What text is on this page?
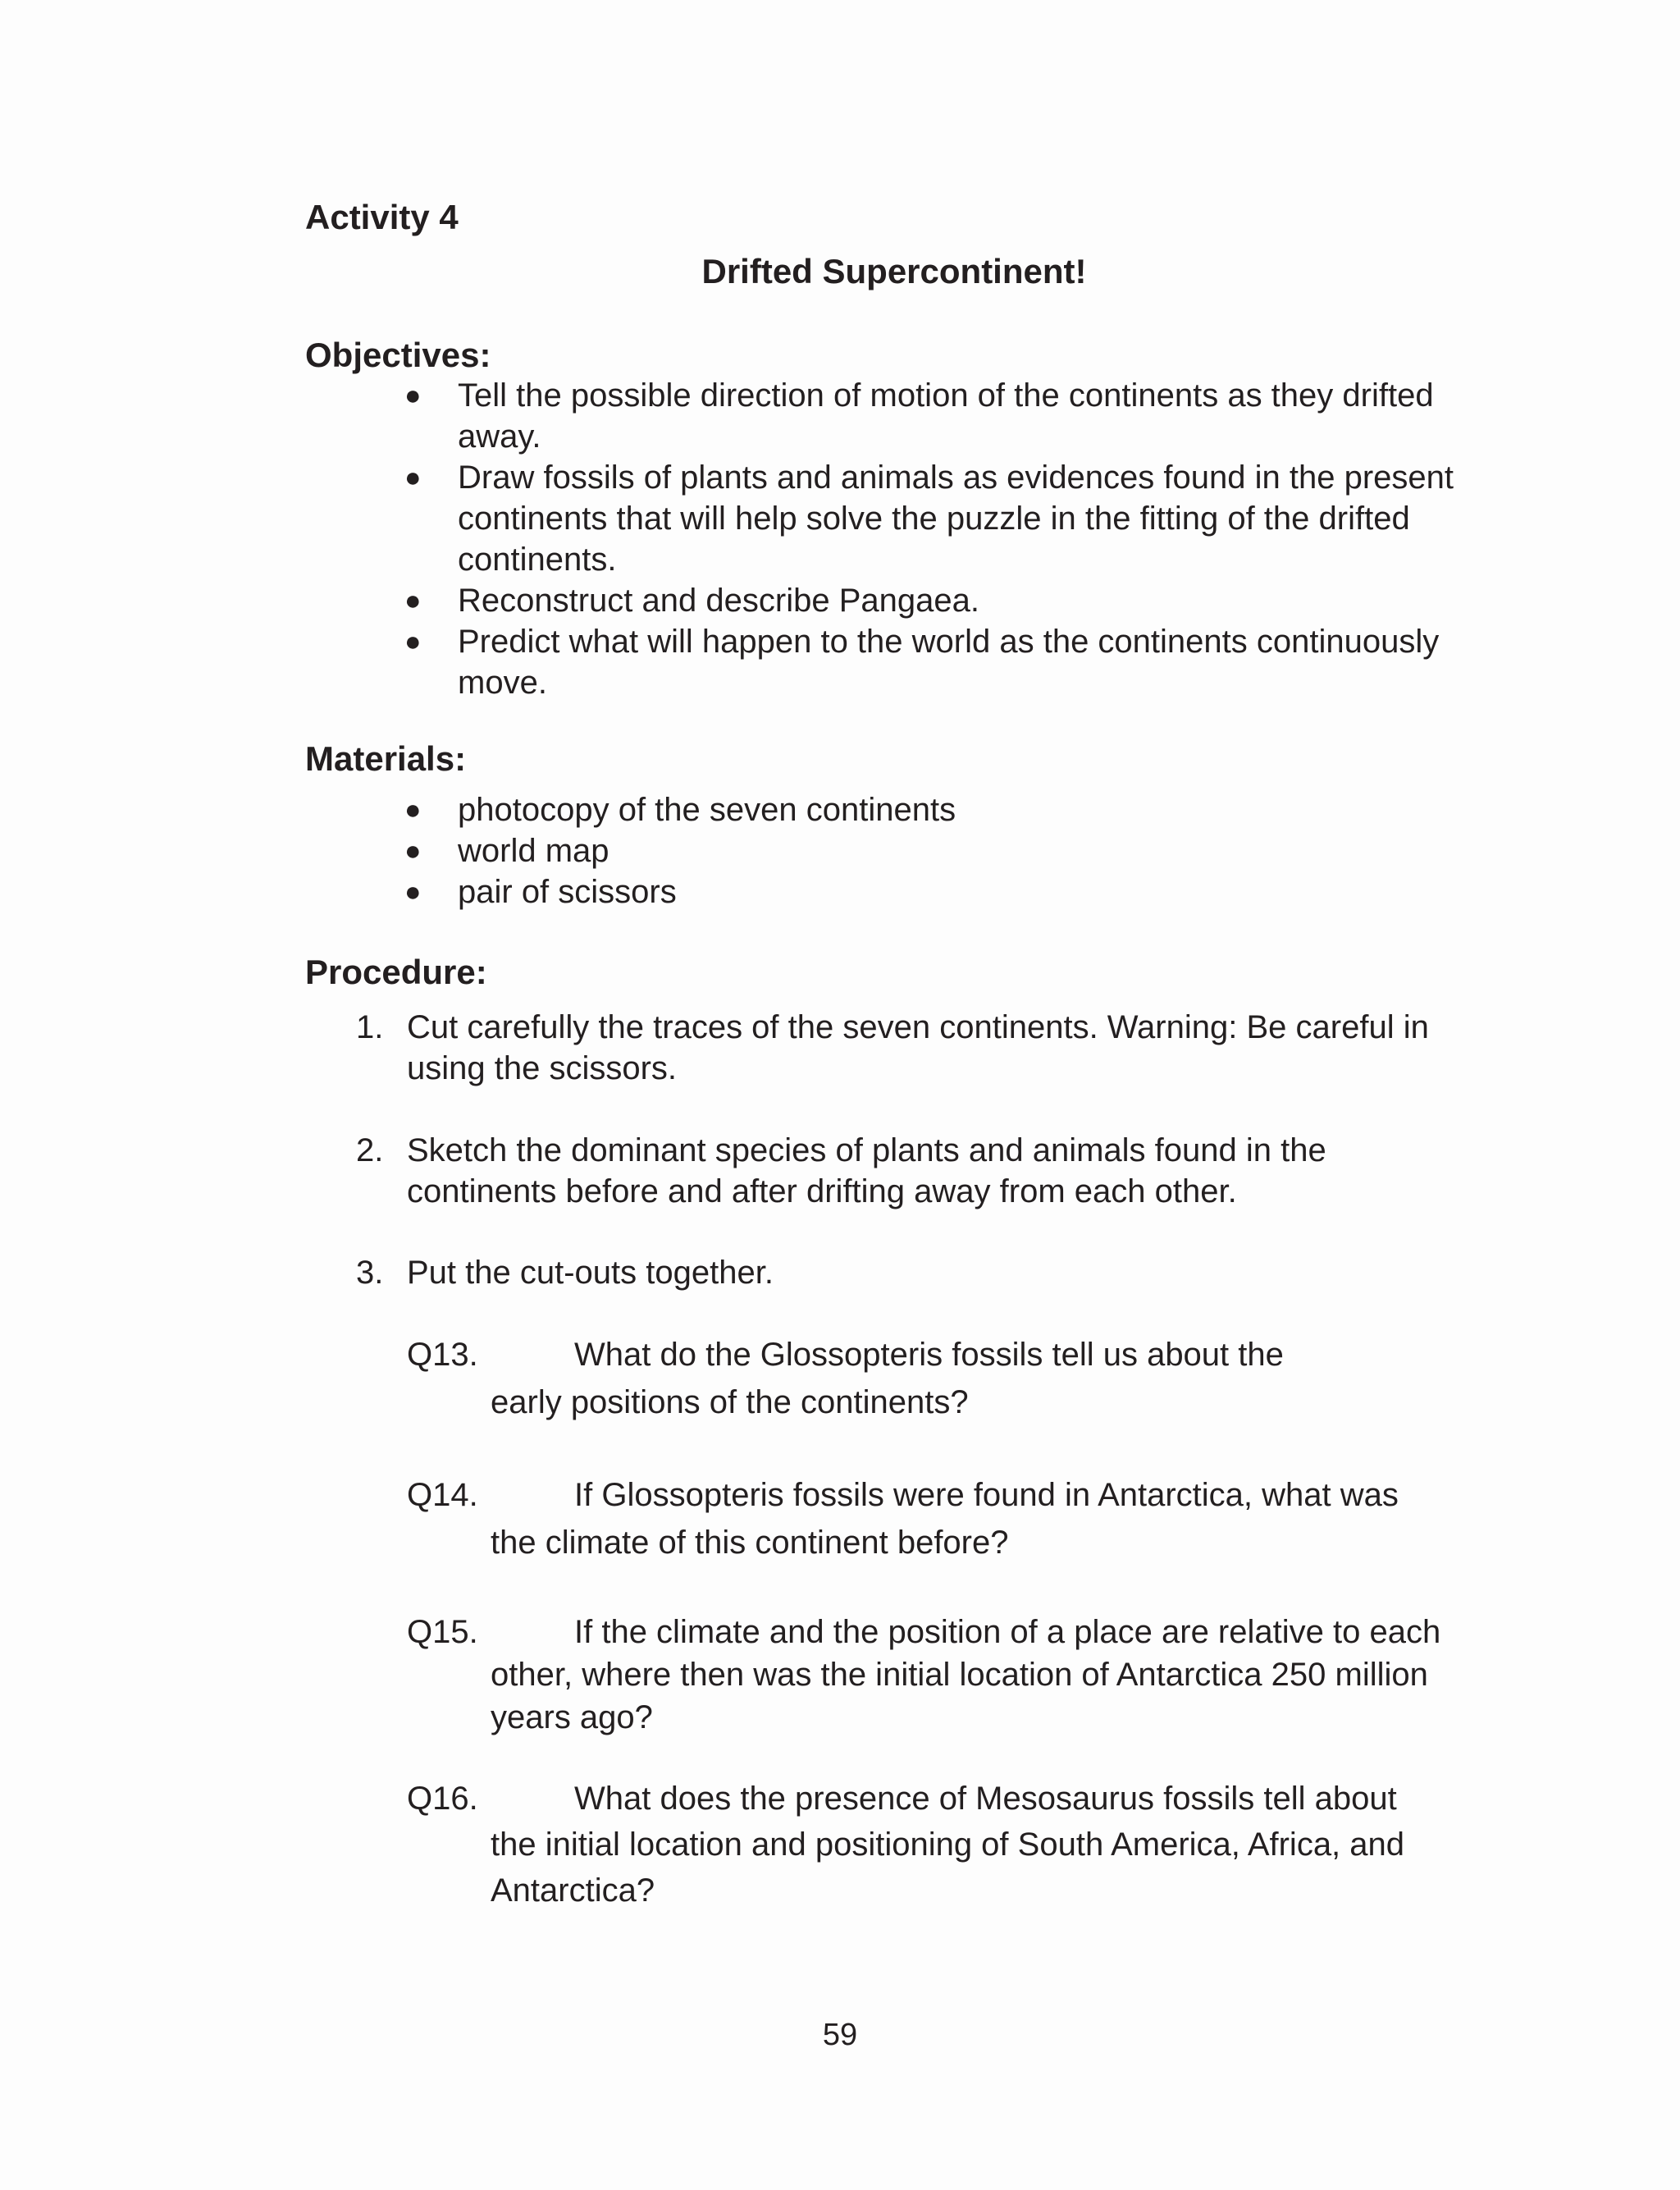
Activity 4
Drifted Supercontinent!
Objectives:
● Tell the possible direction of motion of the continents as they drifted away.
● Draw fossils of plants and animals as evidences found in the present continents that will help solve the puzzle in the fitting of the drifted continents.
● Reconstruct and describe Pangaea.
● Predict what will happen to the world as the continents continuously move.
Materials:
● photocopy of the seven continents
● world map
● pair of scissors
Procedure:
1. Cut carefully the traces of the seven continents. Warning: Be careful in using the scissors.
2. Sketch the dominant species of plants and animals found in the continents before and after drifting away from each other.
3. Put the cut-outs together.
Q13.	What do the Glossopteris fossils tell us about the early positions of the continents?
Q14.	If Glossopteris fossils were found in Antarctica, what was the climate of this continent before?
Q15.	If the climate and the position of a place are relative to each other, where then was the initial location of Antarctica 250 million years ago?
Q16.	What does the presence of Mesosaurus fossils tell about the initial location and positioning of South America, Africa, and Antarctica?
59
